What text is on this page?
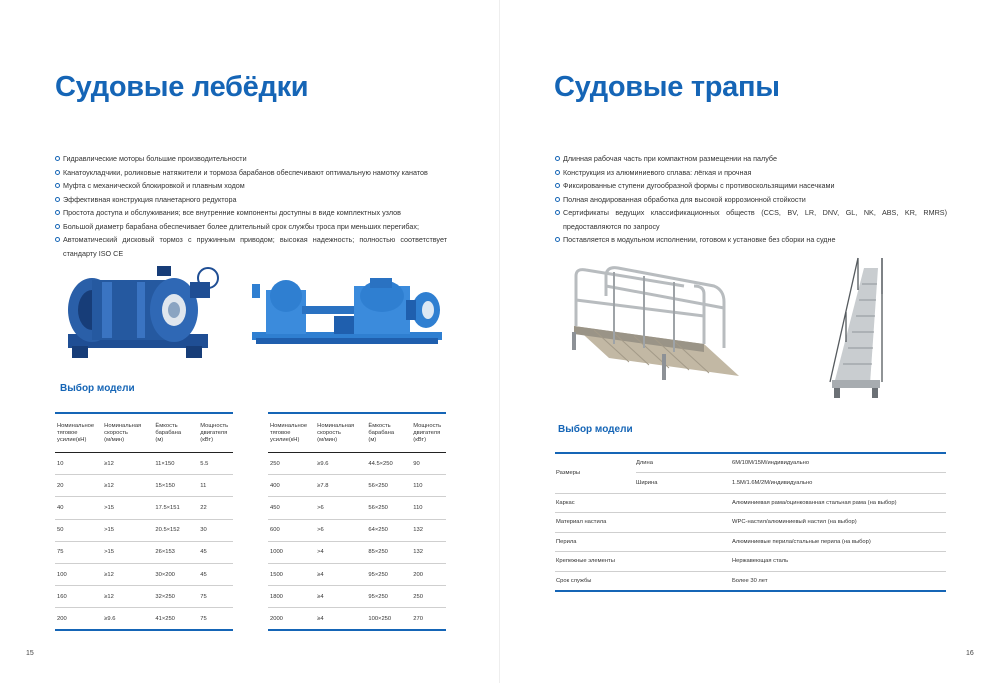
Судовые лебёдки
Гидравлические моторы большие производительности
Канатоукладчики, роликовые натяжители и тормоза барабанов обеспечивают оптимальную намотку канатов
Муфта с механической блокировкой и плавным ходом
Эффективная конструкция планетарного редуктора
Простота доступа и обслуживания; все внутренние компоненты доступны в виде комплектных узлов
Большой диаметр барабана обеспечивает более длительный срок службы троса при меньших перегибах;
Автоматический дисковый тормоз с пружинным приводом; высокая надежность; полностью соответствует стандарту ISO CE
Выбор модели
Номинальное
тяговое
усилие(кН)	Номинальная
скорость
(м/мин)	Ёмкость
барабана
(м)	Мощность
двигателя
(кВт)
10	≥12	11×150	5.5
20	≥12	15×150	11
40	>15	17.5×151	22
50	>15	20.5×152	30
75	>15	26×153	45
100	≥12	30×200	45
160	≥12	32×250	75
200	≥9.6	41×250	75
Номинальное
тяговое
усилие(кН)	Номинальная
скорость
(м/мин)	Ёмкость
барабана
(м)	Мощность
двигателя
(кВт)
250	≥9.6	44.5×250	90
400	≥7.8	56×250	110
450	>6	56×250	110
600	>6	64×250	132
1000	>4	85×250	132
1500	≥4	95×250	200
1800	≥4	95×250	250
2000	≥4	100×250	270
15
Судовые трапы
Длинная рабочая часть при компактном размещении на палубе
Конструкция из алюминиевого сплава: лёгкая и прочная
Фиксированные ступени дугообразной формы с противоскользящими насечками
Полная анодированная обработка для высокой коррозионной стойкости
Сертификаты ведущих классификационных обществ (CCS, BV, LR, DNV, GL, NK, ABS, KR, RMRS) предоставляются по запросу
Поставляется в модульном исполнении, готовом к установке без сборки на судне
Выбор модели
Размеры	Длина	6М/10М/15М/индивидуально
	Ширина	1.5М/1.6М/2М/индивидуально
Каркас		Алюминиевая рама/оцинкованная стальная рама (на выбор)
Материал настила		WPC-настил/алюминиевый настил (на выбор)
Перила		Алюминиевые перила/стальные перила (на выбор)
Крепежные элементы		Нержавеющая сталь
Срок службы		Более 30 лет
16
